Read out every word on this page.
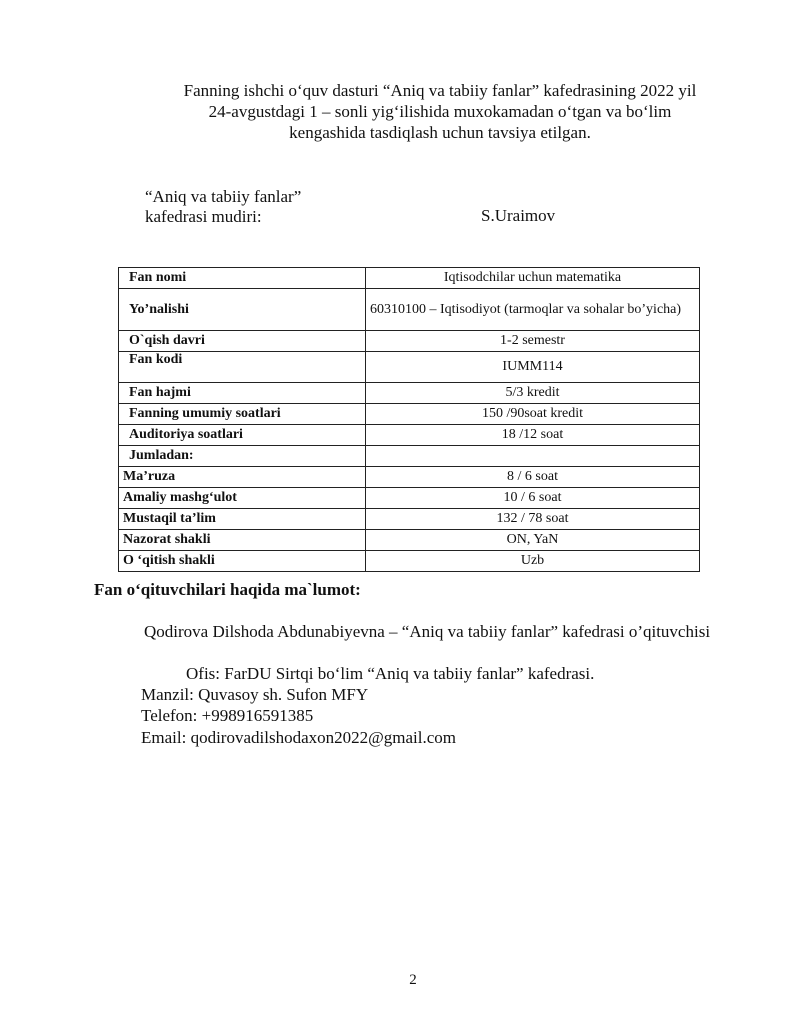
Fanning ishchi o‘quv dasturi “Aniq va tabiiy fanlar” kafedrasining 2022 yil
24-avgustdagi 1 – sonli yig‘ilishida muxokamadan o‘tgan va bo‘lim
kengashida tasdiqlash uchun tavsiya etilgan.
“Aniq va tabiiy fanlar”
kafedrasi mudiri:	S.Uraimov
Fan nomi	Iqtisodchilar uchun matematika
Yo’nalishi	60310100 – Iqtisodiyot (tarmoqlar va sohalar bo’yicha)
O`qish davri	1-2 semestr
Fan kodi	IUMM114
Fan hajmi	5/3 kredit
Fanning umumiy soatlari	150 /90soat kredit
Auditoriya soatlari	18 /12 soat
Jumladan:	
Ma’ruza	8 / 6 soat
Amaliy mashg‘ulot	10 / 6 soat
Mustaqil ta’lim	132 / 78 soat
Nazorat shakli	ON, YaN
O ‘qitish shakli	Uzb
Fan o‘qituvchilari haqida ma`lumot:
Qodirova Dilshoda Abdunabiyevna – “Aniq va tabiiy fanlar” kafedrasi o’qituvchisi
Ofis: FarDU Sirtqi bo‘lim “Aniq va tabiiy fanlar” kafedrasi.
Manzil: Quvasoy sh. Sufon MFY
Telefon: +998916591385
Email: qodirovadilshodaxon2022@gmail.com
2
